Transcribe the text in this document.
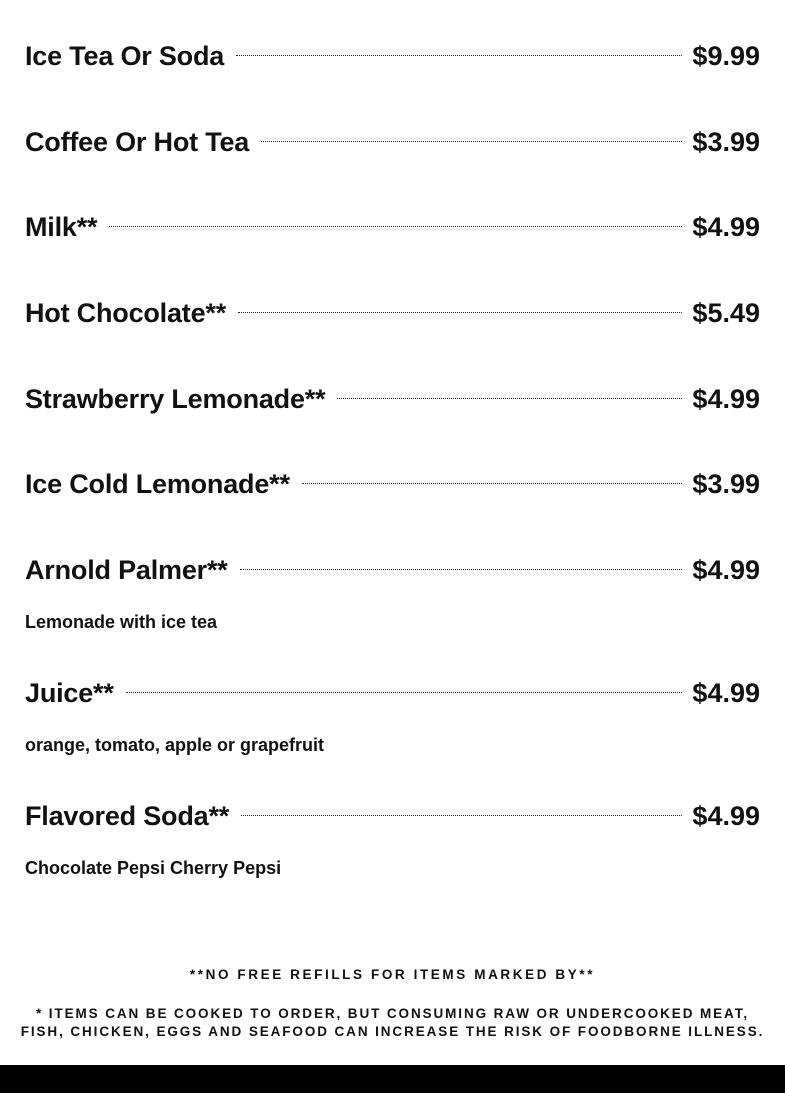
Ice Tea Or Soda	$9.99
Coffee Or Hot Tea	$3.99
Milk**	$4.99
Hot Chocolate**	$5.49
Strawberry Lemonade**	$4.99
Ice Cold Lemonade**	$3.99
Arnold Palmer**	$4.99
Lemonade with ice tea
Juice**	$4.99
orange, tomato, apple or grapefruit
Flavored Soda**	$4.99
Chocolate Pepsi Cherry Pepsi
**NO FREE REFILLS FOR ITEMS MARKED BY**
* ITEMS CAN BE COOKED TO ORDER, BUT CONSUMING RAW OR UNDERCOOKED MEAT,
FISH, CHICKEN, EGGS AND SEAFOOD CAN INCREASE THE RISK OF FOODBORNE ILLNESS.
